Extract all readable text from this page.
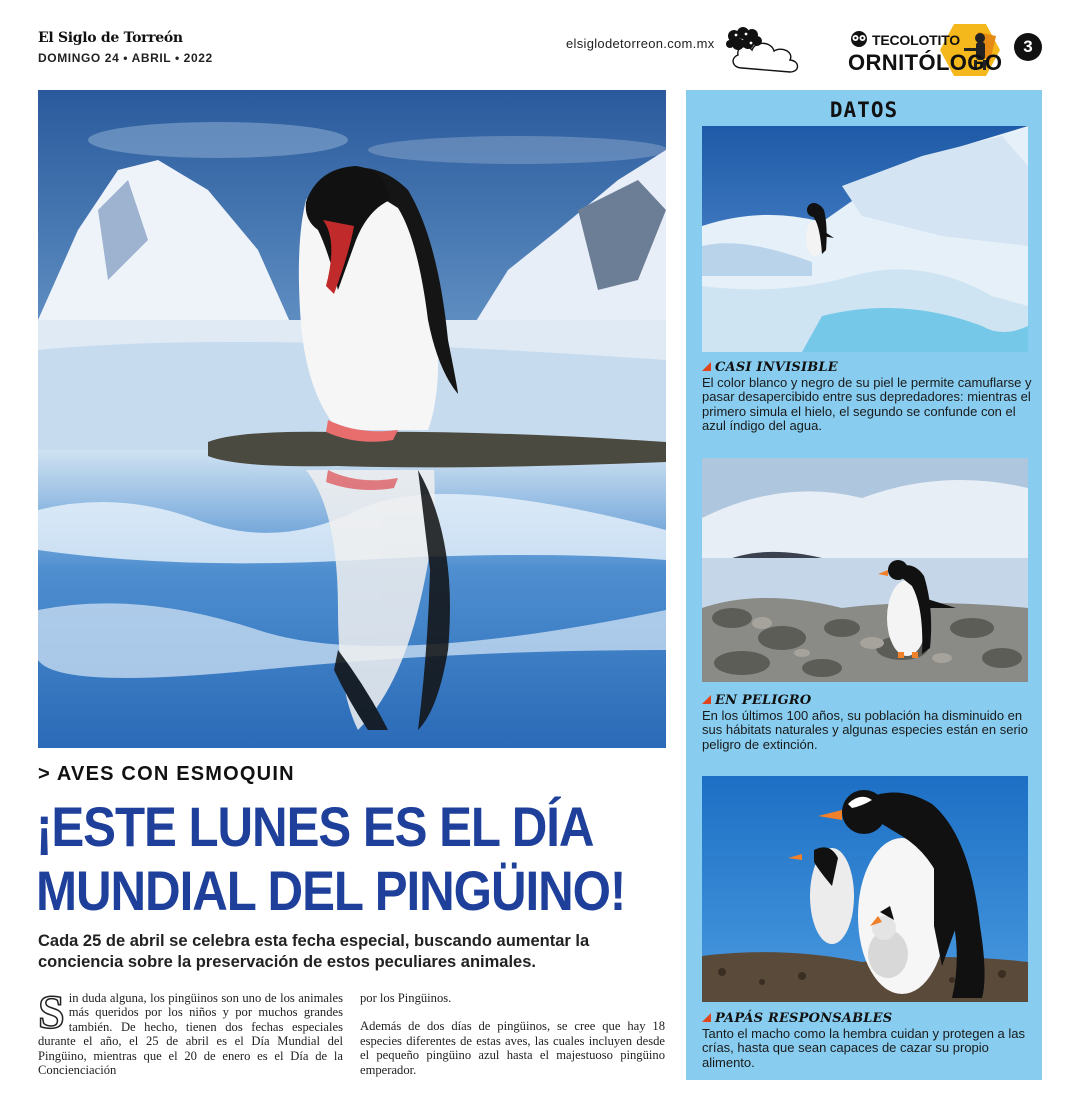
El Siglo de Torreón
DOMINGO 24 • ABRIL • 2022
elsiglodetorreon.com.mx	TECOLOTITO
ORNITÓLOGO
3
> AVES CON ESMOQUIN
¡ESTE LUNES ES EL DÍA
MUNDIAL DEL PINGÜINO!
Cada 25 de abril se celebra esta fecha especial, buscando aumentar la conciencia sobre la preservación de estos peculiares animales.
S in duda alguna, los pingüinos son uno de los animales más queridos por los niños y por muchos grandes también. De hecho, tienen dos fechas especiales durante el año, el 25 de abril es el Día Mundial del Pingüino, mientras que el 20 de enero es el Día de la Concienciación

por los Pingüinos.

Además de dos días de pingüinos, se cree que hay 18 especies diferentes de estas aves, las cuales incluyen desde el pequeño pingüino azul hasta el majestuoso pingüino emperador.

DATOS
CASI INVISIBLE
El color blanco y negro de su piel le permite camuflarse y pasar desapercibido entre sus depredadores: mientras el primero simula el hielo, el segundo se confunde con el azul índigo del agua.
EN PELIGRO
En los últimos 100 años, su población ha disminuido en sus hábitats naturales y algunas especies están en serio peligro de extinción.
PAPÁS RESPONSABLES
Tanto el macho como la hembra cuidan y protegen a las crías, hasta que sean capaces de cazar su propio alimento.
